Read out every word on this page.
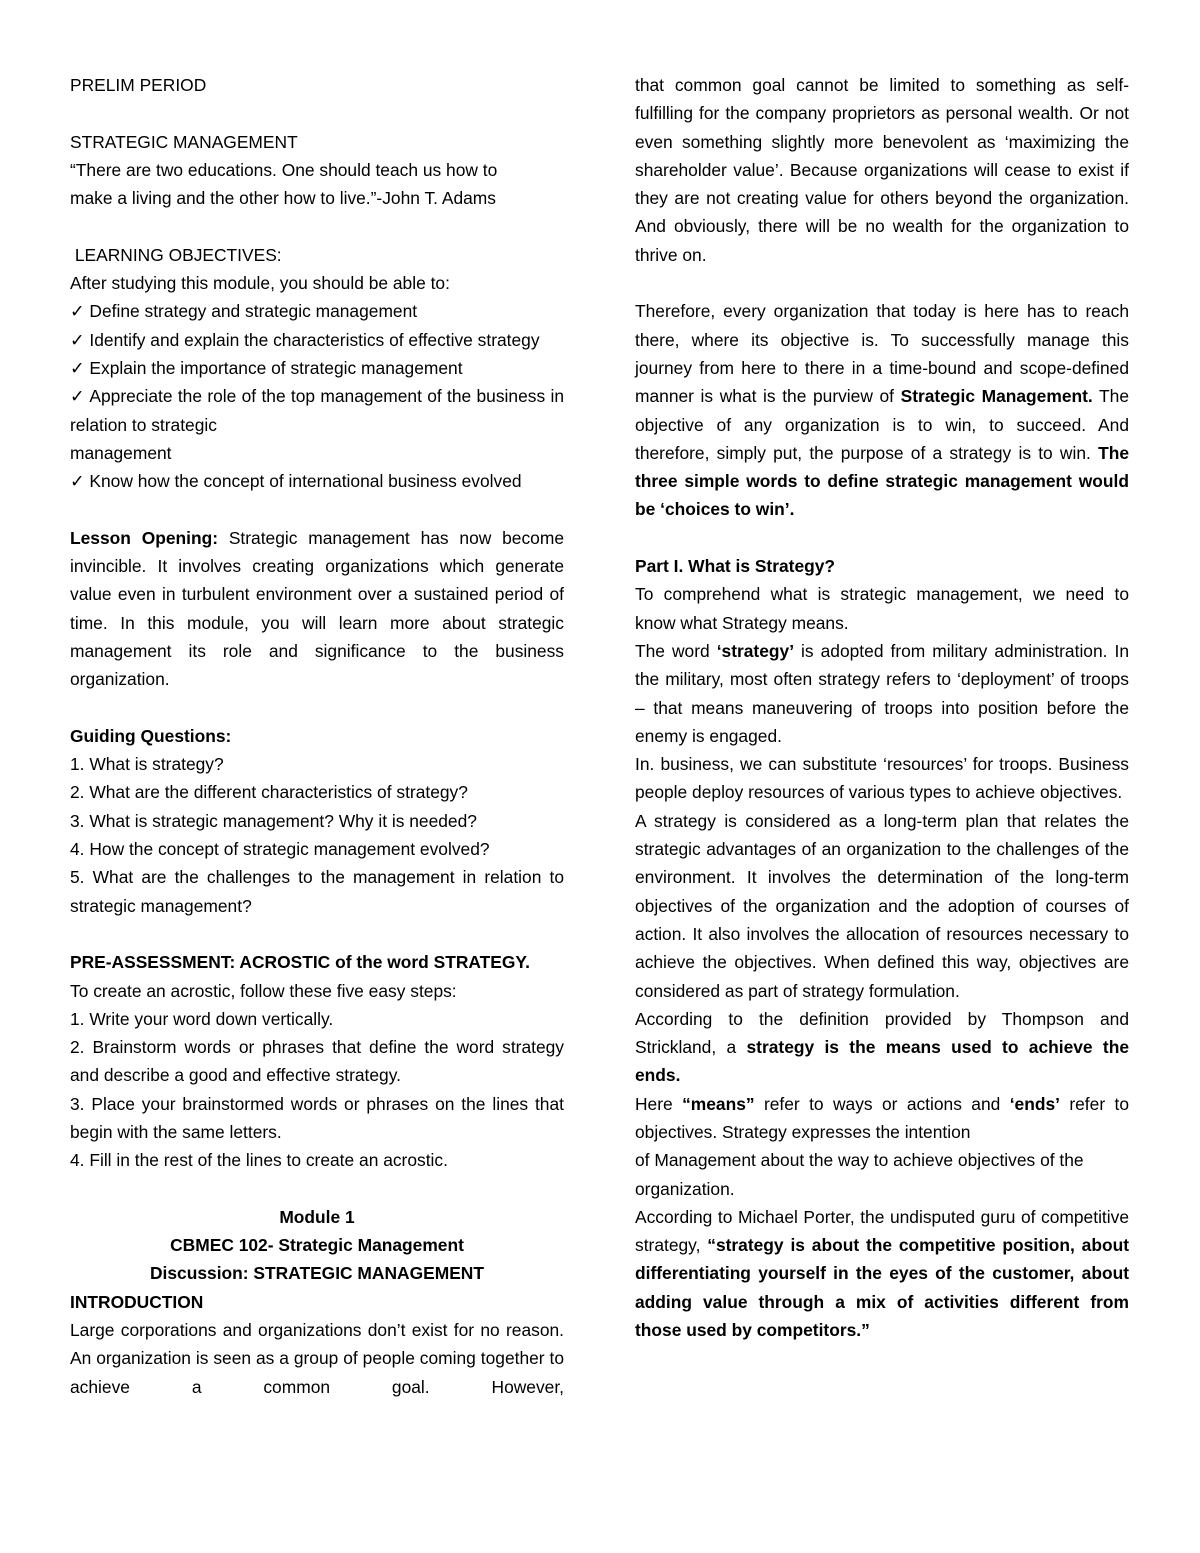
PRELIM PERIOD

STRATEGIC MANAGEMENT

“There are two educations. One should teach us how to

make a living and the other how to live.”-John T. Adams

LEARNING OBJECTIVES:

After studying this module, you should be able to:

✓ Define strategy and strategic management

✓ Identify and explain the characteristics of effective strategy

✓ Explain the importance of strategic management

✓ Appreciate the role of the top management of the business in relation to strategic

management

✓ Know how the concept of international business evolved

Lesson Opening: Strategic management has now become invincible. It involves creating organizations which generate value even in turbulent environment over a sustained period of time. In this module, you will learn more about strategic management its role and significance to the business organization.

Guiding Questions:

1. What is strategy?

2. What are the different characteristics of strategy?

3. What is strategic management? Why it is needed?

4. How the concept of strategic management evolved?

5. What are the challenges to the management in relation to strategic management?

PRE-ASSESSMENT: ACROSTIC of the word STRATEGY.

To create an acrostic, follow these five easy steps:

1. Write your word down vertically.

2. Brainstorm words or phrases that define the word strategy and describe a good and effective strategy.

3. Place your brainstormed words or phrases on the lines that begin with the same letters.

4. Fill in the rest of the lines to create an acrostic.

Module 1

CBMEC 102- Strategic Management

Discussion: STRATEGIC MANAGEMENT

INTRODUCTION

Large corporations and organizations don’t exist for no reason. An organization is seen as a group of people coming together to achieve a common goal. However,

that common goal cannot be limited to something as self-fulfilling for the company proprietors as personal wealth. Or not even something slightly more benevolent as ‘maximizing the shareholder value’. Because organizations will cease to exist if they are not creating value for others beyond the organization. And obviously, there will be no wealth for the organization to thrive on.

Therefore, every organization that today is here has to reach there, where its objective is. To successfully manage this journey from here to there in a time-bound and scope-defined manner is what is the purview of Strategic Management. The objective of any organization is to win, to succeed. And therefore, simply put, the purpose of a strategy is to win. The three simple words to define strategic management would be ‘choices to win’.

Part I. What is Strategy?

To comprehend what is strategic management, we need to know what Strategy means.

The word ‘strategy’ is adopted from military administration. In the military, most often strategy refers to ‘deployment’ of troops – that means maneuvering of troops into position before the enemy is engaged.

In. business, we can substitute ‘resources’ for troops. Business people deploy resources of various types to achieve objectives.

A strategy is considered as a long-term plan that relates the strategic advantages of an organization to the challenges of the environment. It involves the determination of the long-term objectives of the organization and the adoption of courses of action. It also involves the allocation of resources necessary to achieve the objectives. When defined this way, objectives are considered as part of strategy formulation.

According to the definition provided by Thompson and Strickland, a strategy is the means used to achieve the ends.

Here “means” refer to ways or actions and ‘ends’ refer to objectives. Strategy expresses the intention

of Management about the way to achieve objectives of the organization.

According to Michael Porter, the undisputed guru of competitive strategy, “strategy is about the competitive position, about differentiating yourself in the eyes of the customer, about adding value through a mix of activities different from those used by competitors.”
